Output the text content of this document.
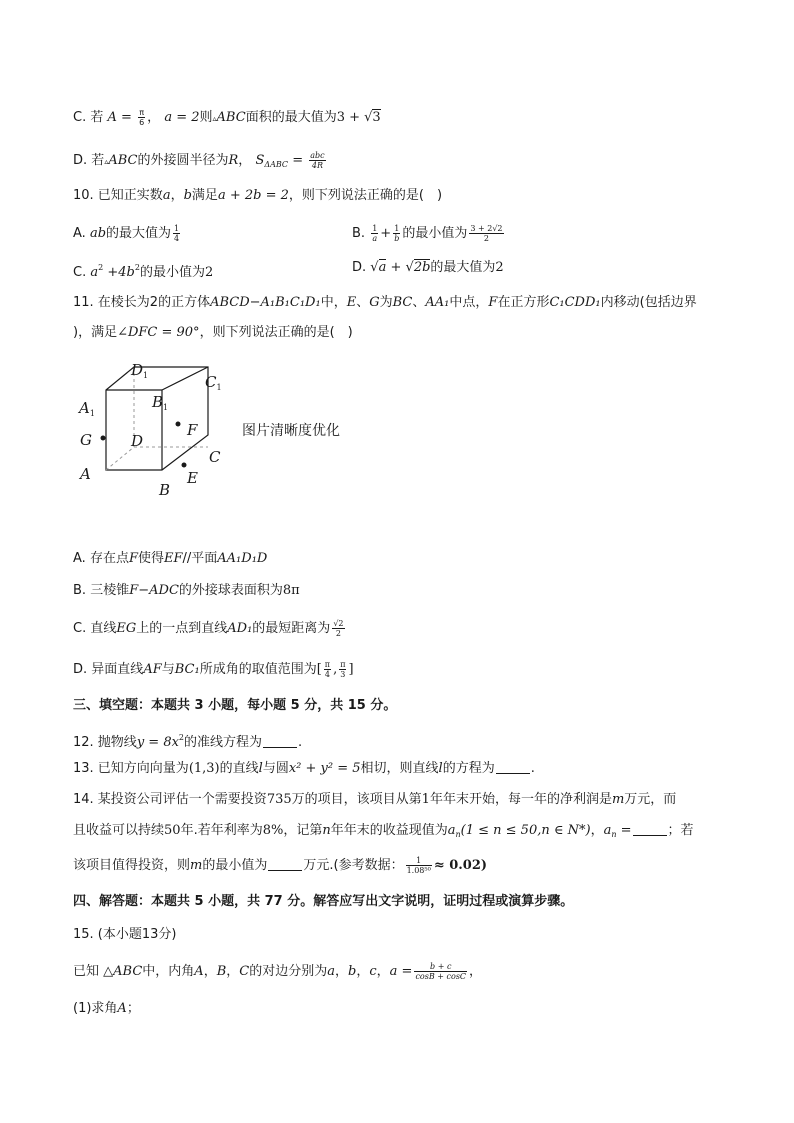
C. 若 $A = \frac{\pi}{6}$ ， a = 2则▵ABC面积的最大值为3 + √3
D. 若▵ABC的外接圆半径为R， $S_{\Delta ABC} = \frac{\text{abc}}{4R}$
10. 已知正实数a，b满足a + 2b = 2，则下列说法正确的是(　)
A. ab的最大值为 $\frac{1}{4}$	B. $\frac{1}{a} + \frac{1}{b}$ 的最小值为 $\frac{3 + 2√2}{2}$
C. $a^2 +4b^2$的最小值为2	D. √a + √2b的最大值为2
11. 在棱长为2的正方体ABCD−A₁B₁C₁D₁中，E、G为BC、AA₁中点，F在正方形C₁CDD₁内移动(包括边界
)，满足∠DFC = 90°，则下列说法正确的是(　)
$D_1$	$C_1$
$A_1$
$B_1$
G	D
F
C
A
B
E
图片清晰度优化
A. 存在点F使得EF//平面AA₁D₁D
B. 三棱锥F−ADC的外接球表面积为8π
C. 直线EG上的一点到直线AD₁的最短距离为 $\frac{√2}{2}$
D. 异面直线AF与BC₁所成角的取值范围为[ $\frac{\pi}{4}$ , $\frac{\pi}{3}$ ]
三、填空题：本题共 3 小题，每小题 5 分，共 15 分。
12. 抛物线$y = 8x^2$的准线方程为	.
13. 已知方向向量为(1,3)的直线l与圆x² + y² = 5相切，则直线l的方程为	.
14. 某投资公司评估一个需要投资735万的项目，该项目从第1年年末开始，每一年的净利润是m万元，而
且收益可以持续50年.若年利率为8%，记第n年年末的收益现值为$a_n(1 \le n \le 50,n$ ∈ N*)，$a_n$ =	；若
该项目值得投资，则m的最小值为	万元.(参考数据： $\frac{1}{\text{1.08⁵⁰}} \approx 0.02$)
四、解答题：本题共 5 小题，共 77 分。解答应写出文字说明，证明过程或演算步骤。
15. (本小题13分)
已知 △ABC中，内角A，B，C的对边分别为a，b，c，$a = \frac{b + c}{\cos B + \cos C}$ ，
(1)求角A；
